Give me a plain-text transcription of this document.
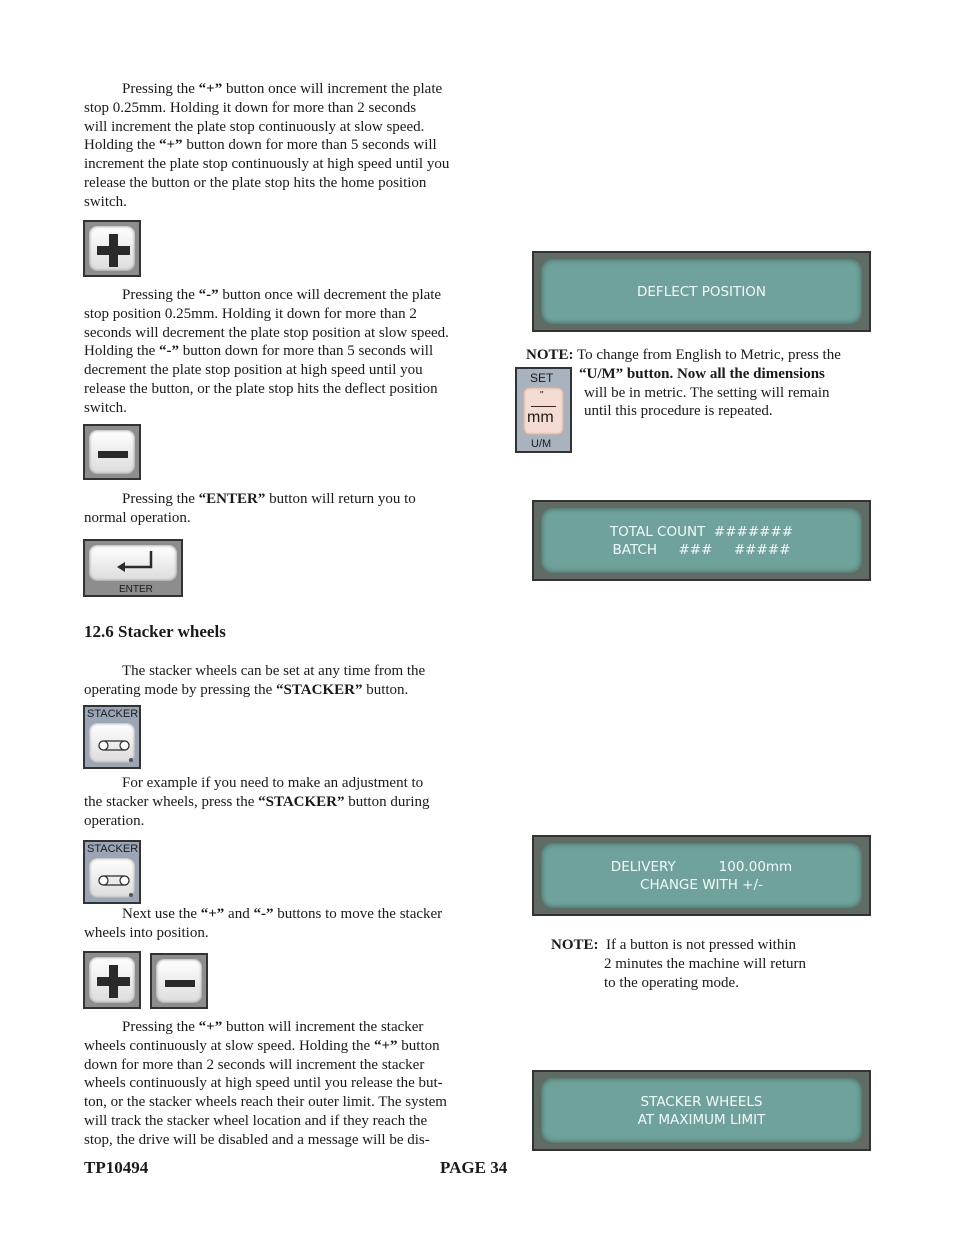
Pressing the “+” button once will increment the plate
stop 0.25mm. Holding it down for more than 2 seconds
will increment the plate stop continuously at slow speed.
Holding the “+” button down for more than 5 seconds will
increment the plate stop continuously at high speed until you
release the button or the plate stop hits the home position
switch.
Pressing the “-” button once will decrement the plate
stop position 0.25mm. Holding it down for more than 2
seconds will decrement the plate stop position at slow speed.
Holding the “-” button down for more than 5 seconds will
decrement the plate stop position at high speed until you
release the button, or the plate stop hits the deflect position
switch.
Pressing the “ENTER” button will return you to
normal operation.
ENTER
12.6 Stacker wheels
The stacker wheels can be set at any time from the
operating mode by pressing the “STACKER” button.
STACKER
For example if you need to make an adjustment to
the stacker wheels, press the “STACKER” button during
operation.
STACKER
Next use the “+” and “-” buttons to move the stacker
wheels into position.
Pressing the “+” button will increment the stacker
wheels continuously at slow speed. Holding the “+” button
down for more than 2 seconds will increment the stacker
wheels continuously at high speed until you release the but-
ton, or the stacker wheels reach their outer limit. The system
will track the stacker wheel location and if they reach the
stop, the drive will be disabled and a message will be dis-
DEFLECT POSITION
NOTE: To change from English to Metric, press the
“U/M” button. Now all the dimensions
will be in metric. The setting will remain
until this procedure is repeated.
SET
"
mm
U/M
TOTAL COUNT  #######
BATCH     ###     #####
DELIVERY          100.00mm
CHANGE WITH +/-
NOTE: If a button is not pressed within
2 minutes the machine will return
to the operating mode.
STACKER WHEELS
AT MAXIMUM LIMIT
TP10494	PAGE 34
